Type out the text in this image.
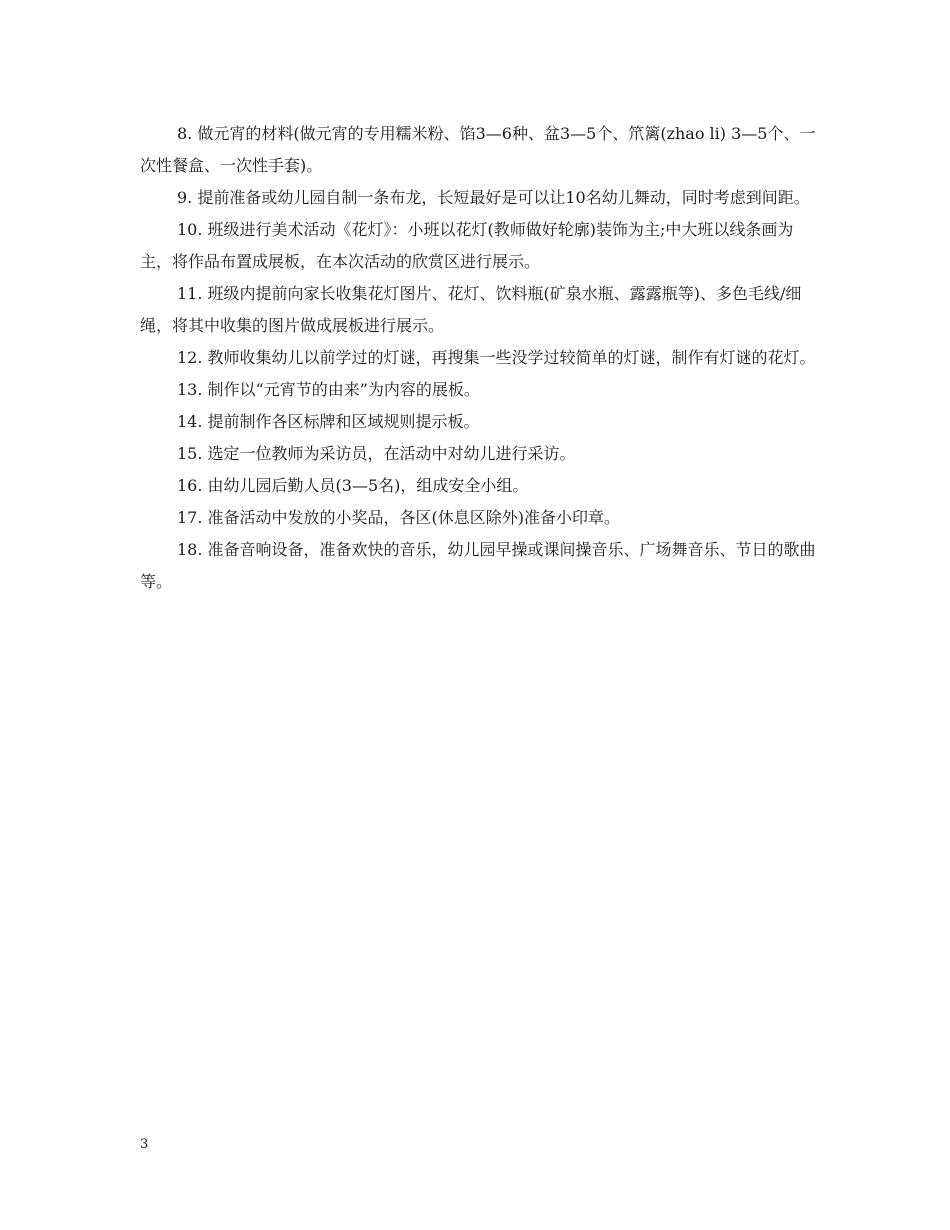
8. 做元宵的材料(做元宵的专用糯米粉、馅3—6种、盆3—5个、笊篱(zhao li) 3—5个、一次性餐盒、一次性手套)。

9. 提前准备或幼儿园自制一条布龙，长短最好是可以让10名幼儿舞动，同时考虑到间距。

10. 班级进行美术活动《花灯》：小班以花灯(教师做好轮廓)装饰为主;中大班以线条画为主，将作品布置成展板，在本次活动的欣赏区进行展示。

11. 班级内提前向家长收集花灯图片、花灯、饮料瓶(矿泉水瓶、露露瓶等)、多色毛线/细绳，将其中收集的图片做成展板进行展示。

12. 教师收集幼儿以前学过的灯谜，再搜集一些没学过较简单的灯谜，制作有灯谜的花灯。

13. 制作以“元宵节的由来”为内容的展板。

14. 提前制作各区标牌和区域规则提示板。

15. 选定一位教师为采访员，在活动中对幼儿进行采访。

16. 由幼儿园后勤人员(3—5名)，组成安全小组。

17. 准备活动中发放的小奖品，各区(休息区除外)准备小印章。

18. 准备音响设备，准备欢快的音乐，幼儿园早操或课间操音乐、广场舞音乐、节日的歌曲等。

3
